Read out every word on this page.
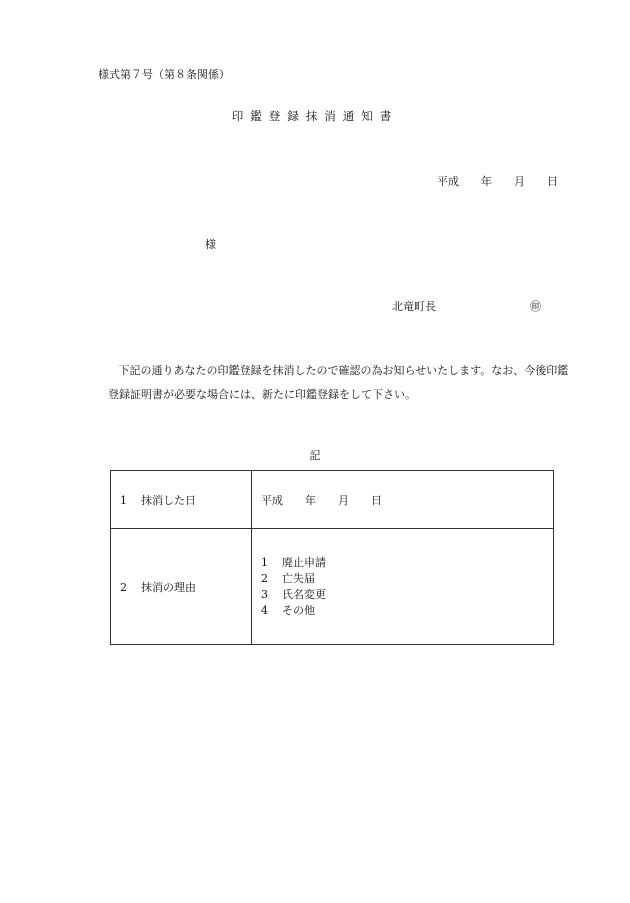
様式第７号（第８条関係）
印鑑登録抹消通知書
平成 年 月 日
様
北竜町長	㊞
下記の通りあなたの印鑑登録を抹消したので確認の為お知らせいたします。なお、今後印鑑登録証明書が必要な場合には、新たに印鑑登録をして下さい。
記
1 抹消した日	平成 年 月 日
2 抹消の理由	1 廃止申請
2 亡失届
3 氏名変更
4 その他
